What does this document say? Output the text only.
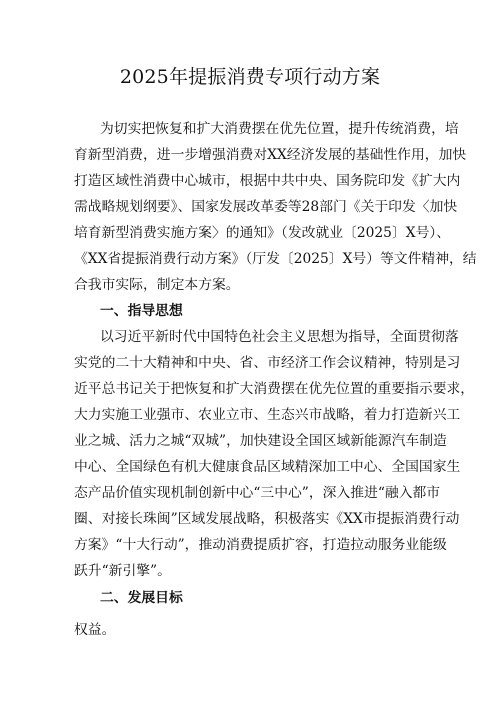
2025年提振消费专项行动方案
为切实把恢复和扩大消费摆在优先位置，提升传统消费，培
育新型消费，进一步增强消费对XX经济发展的基础性作用，加快
打造区域性消费中心城市，根据中共中央、国务院印发《扩大内
需战略规划纲要》、国家发展改革委等28部门《关于印发〈加快
培育新型消费实施方案〉的通知》（发改就业〔2025〕X号）、
《XX省提振消费行动方案》（厅发〔2025〕X号）等文件精神，结
合我市实际，制定本方案。
一、指导思想
以习近平新时代中国特色社会主义思想为指导，全面贯彻落
实党的二十大精神和中央、省、市经济工作会议精神，特别是习
近平总书记关于把恢复和扩大消费摆在优先位置的重要指示要求，
大力实施工业强市、农业立市、生态兴市战略，着力打造新兴工
业之城、活力之城“双城”，加快建设全国区域新能源汽车制造
中心、全国绿色有机大健康食品区域精深加工中心、全国国家生
态产品价值实现机制创新中心“三中心”，深入推进“融入都市
圈、对接长珠闽”区域发展战略，积极落实《XX市提振消费行动
方案》“十大行动”，推动消费提质扩容，打造拉动服务业能级
跃升“新引擎”。
二、发展目标
权益。
